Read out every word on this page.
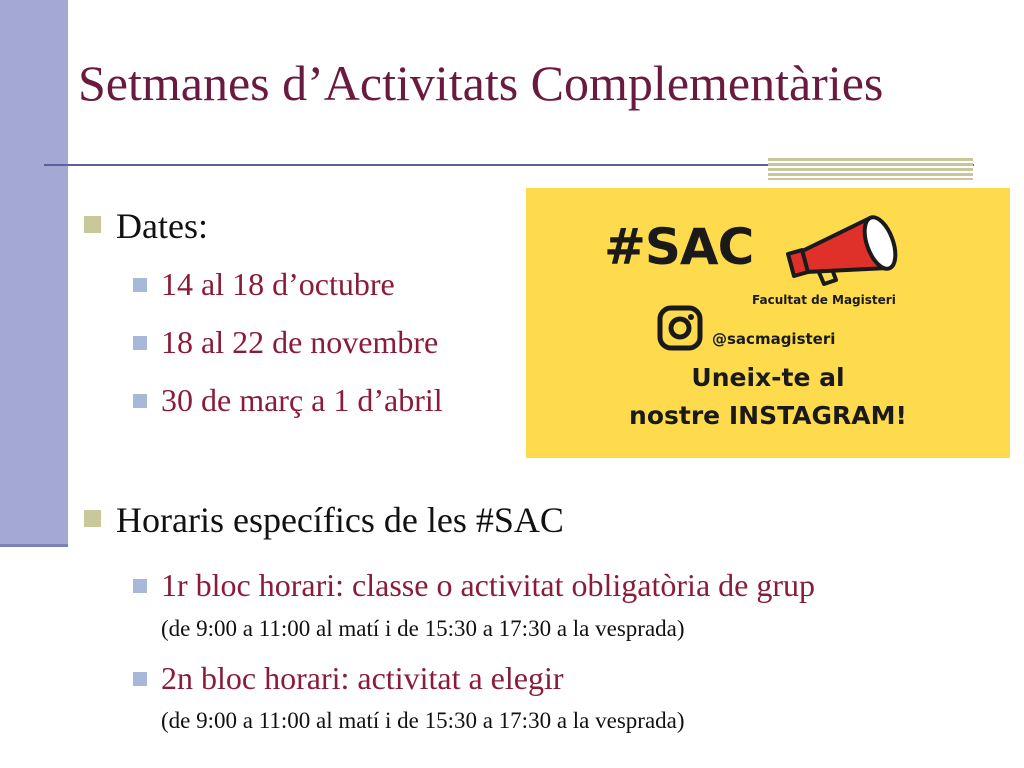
Setmanes d’Activitats Complementàries
Dates:
14 al 18 d’octubre
18 al 22 de novembre
30 de març a 1 d’abril
Horaris específics de les #SAC
1r bloc horari: classe o activitat obligatòria de grup
(de 9:00 a 11:00 al matí i de 15:30 a 17:30 a la vesprada)
2n bloc horari: activitat a elegir
(de 9:00 a 11:00 al matí i de 15:30 a 17:30 a la vesprada)
#SAC
Facultat de Magisteri
@sacmagisteri
Uneix-te al
nostre INSTAGRAM!
